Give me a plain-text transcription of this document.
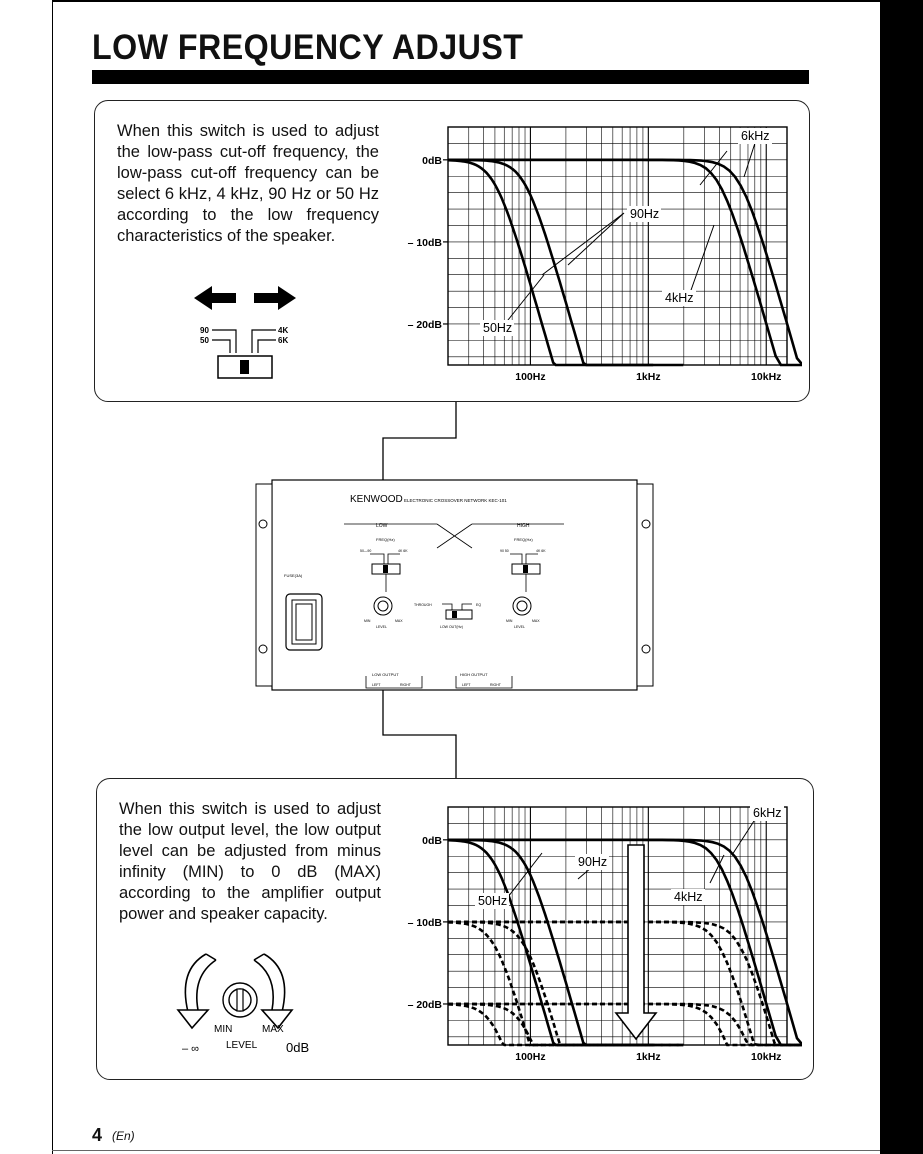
LOW FREQUENCY ADJUST
When this switch is used to adjust the low-pass cut-off frequency, the low-pass cut-off frequency can be select 6 kHz, 4 kHz, 90 Hz or 50 Hz according to the low frequency characteristics of the speaker.
90
50
4K
6K
0dB
– 10dB
– 20dB
100Hz	1kHz	10kHz
6kHz
90Hz
4kHz
50Hz
KENWOOD ELECTRONIC CROSSOVER NETWORK KEC-101
LOW	HIGH
FREQ(Hz)	FREQ(Hz)
50—90	4K 6K	90 50	4K 6K
FUSE(3A)
MIN	MAX
LEVEL
MIN	MAX
LEVEL
THROUGH	EQ
LOW OUT(Hz)
LOW OUTPUT	HIGH OUTPUT
LEFT	RIGHT	LEFT	RIGHT
When this switch is used to adjust the low output level, the low output level can be adjusted from minus infinity (MIN) to 0 dB (MAX) according to the amplifier output power and speaker capacity.
MIN	MAX
– ∞	LEVEL 0dB
0dB
– 10dB
– 20dB
100Hz	1kHz	10kHz
6kHz
90Hz
4kHz
50Hz
4 (En)
